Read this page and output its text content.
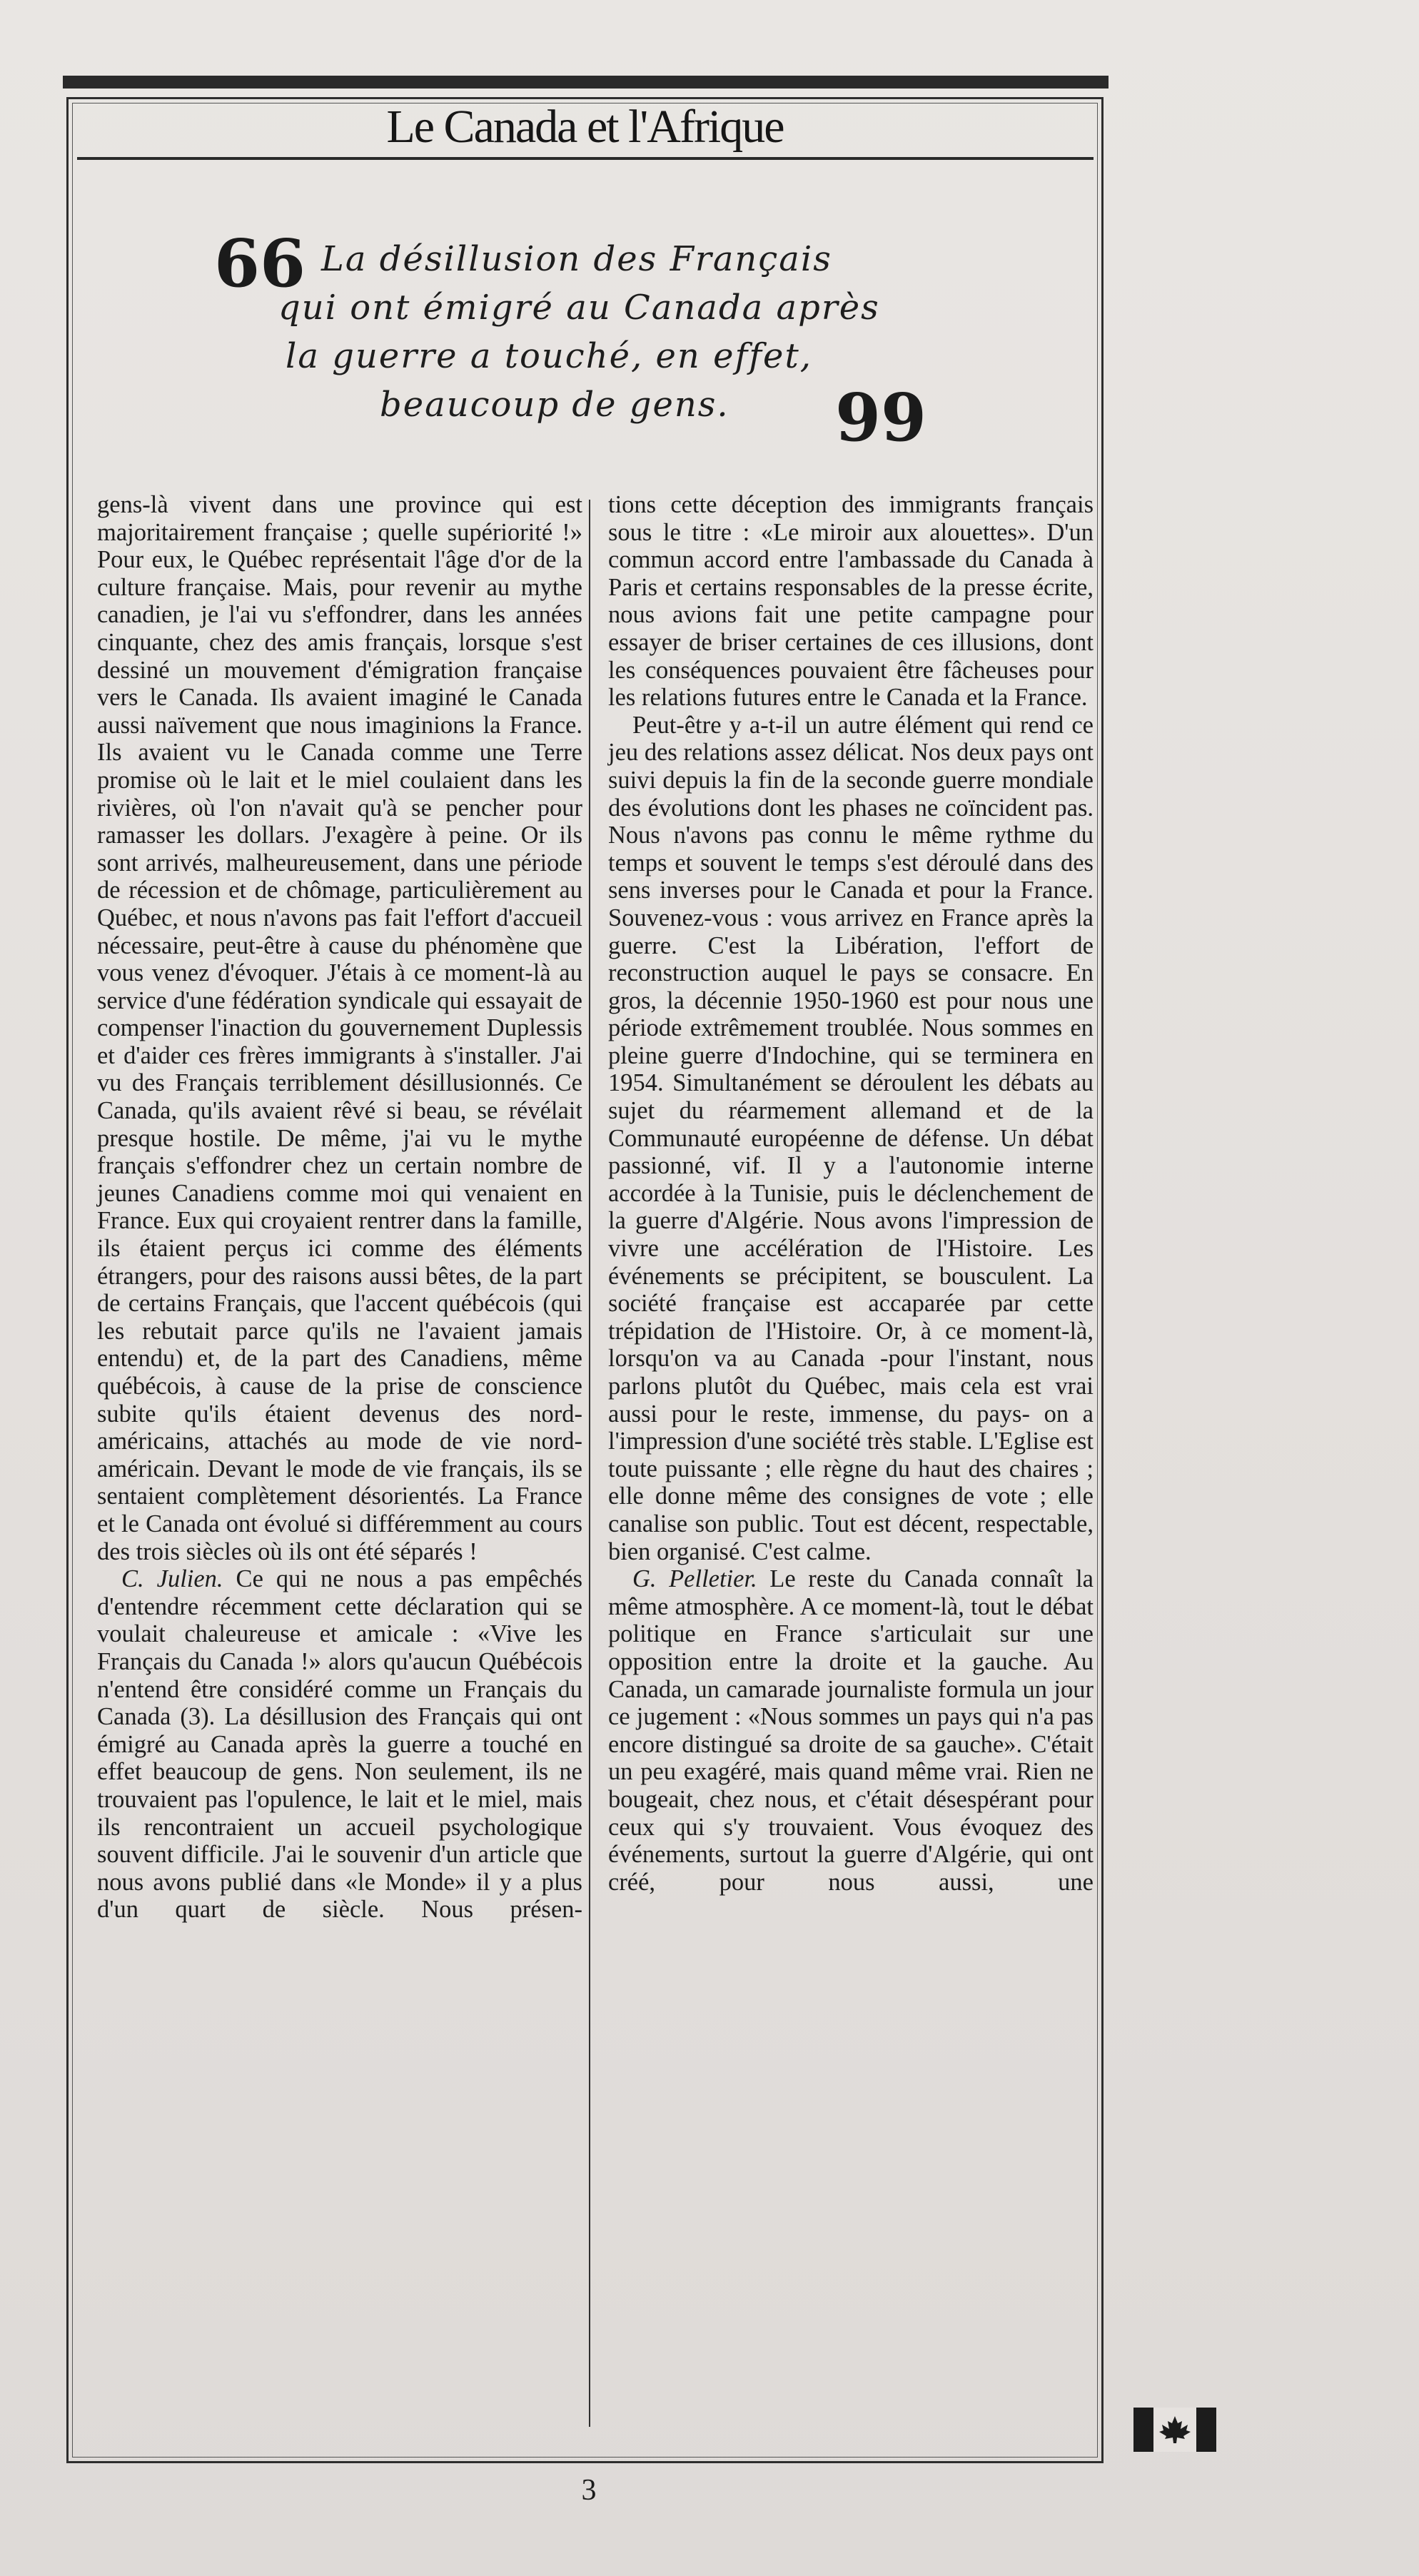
Le Canada et l'Afrique
66 La désillusion des Français
qui ont émigré au Canada après
la guerre a touché, en effet,
beaucoup de gens. 99

gens-là vivent dans une province qui est majoritairement française ; quelle supériorité !» Pour eux, le Québec représentait l'âge d'or de la culture française. Mais, pour revenir au mythe canadien, je l'ai vu s'effondrer, dans les années cinquante, chez des amis français, lorsque s'est dessiné un mouvement d'émigration française vers le Canada. Ils avaient imaginé le Canada aussi naïvement que nous imaginions la France. Ils avaient vu le Canada comme une Terre promise où le lait et le miel coulaient dans les rivières, où l'on n'avait qu'à se pencher pour ramasser les dollars. J'exagère à peine. Or ils sont arrivés, malheureusement, dans une période de récession et de chômage, particulièrement au Québec, et nous n'avons pas fait l'effort d'accueil nécessaire, peut-être à cause du phénomène que vous venez d'évoquer. J'étais à ce moment-là au service d'une fédération syndicale qui essayait de compenser l'inaction du gouvernement Duplessis et d'aider ces frères immigrants à s'installer. J'ai vu des Français terriblement désillusionnés. Ce Canada, qu'ils avaient rêvé si beau, se révélait presque hostile. De même, j'ai vu le mythe français s'effondrer chez un certain nombre de jeunes Canadiens comme moi qui venaient en France. Eux qui croyaient rentrer dans la famille, ils étaient perçus ici comme des éléments étrangers, pour des raisons aussi bêtes, de la part de certains Français, que l'accent québécois (qui les rebutait parce qu'ils ne l'avaient jamais entendu) et, de la part des Canadiens, même québécois, à cause de la prise de conscience subite qu'ils étaient devenus des nord-américains, attachés au mode de vie nord-américain. Devant le mode de vie français, ils se sentaient complètement désorientés. La France et le Canada ont évolué si différemment au cours des trois siècles où ils ont été séparés !

C. Julien. Ce qui ne nous a pas empêchés d'entendre récemment cette déclaration qui se voulait chaleureuse et amicale : «Vive les Français du Canada !» alors qu'aucun Québécois n'entend être considéré comme un Français du Canada (3). La désillusion des Français qui ont émigré au Canada après la guerre a touché en effet beaucoup de gens. Non seulement, ils ne trouvaient pas l'opulence, le lait et le miel, mais ils rencontraient un accueil psychologique souvent difficile. J'ai le souvenir d'un article que nous avons publié dans «le Monde» il y a plus d'un quart de siècle. Nous présen-

tions cette déception des immigrants français sous le titre : «Le miroir aux alouettes». D'un commun accord entre l'ambassade du Canada à Paris et certains responsables de la presse écrite, nous avions fait une petite campagne pour essayer de briser certaines de ces illusions, dont les conséquences pouvaient être fâcheuses pour les relations futures entre le Canada et la France.

Peut-être y a-t-il un autre élément qui rend ce jeu des relations assez délicat. Nos deux pays ont suivi depuis la fin de la seconde guerre mondiale des évolutions dont les phases ne coïncident pas. Nous n'avons pas connu le même rythme du temps et souvent le temps s'est déroulé dans des sens inverses pour le Canada et pour la France. Souvenez-vous : vous arrivez en France après la guerre. C'est la Libération, l'effort de reconstruction auquel le pays se consacre. En gros, la décennie 1950-1960 est pour nous une période extrêmement troublée. Nous sommes en pleine guerre d'Indochine, qui se terminera en 1954. Simultanément se déroulent les débats au sujet du réarmement allemand et de la Communauté européenne de défense. Un débat passionné, vif. Il y a l'autonomie interne accordée à la Tunisie, puis le déclenchement de la guerre d'Algérie. Nous avons l'impression de vivre une accélération de l'Histoire. Les événements se précipitent, se bousculent. La société française est accaparée par cette trépidation de l'Histoire. Or, à ce moment-là, lorsqu'on va au Canada -pour l'instant, nous parlons plutôt du Québec, mais cela est vrai aussi pour le reste, immense, du pays- on a l'impression d'une société très stable. L'Eglise est toute puissante ; elle règne du haut des chaires ; elle donne même des consignes de vote ; elle canalise son public. Tout est décent, respectable, bien organisé. C'est calme.

G. Pelletier. Le reste du Canada connaît la même atmosphère. A ce moment-là, tout le débat politique en France s'articulait sur une opposition entre la droite et la gauche. Au Canada, un camarade journaliste formula un jour ce jugement : «Nous sommes un pays qui n'a pas encore distingué sa droite de sa gauche». C'était un peu exagéré, mais quand même vrai. Rien ne bougeait, chez nous, et c'était désespérant pour ceux qui s'y trouvaient. Vous évoquez des événements, surtout la guerre d'Algérie, qui ont créé, pour nous aussi, une

3
